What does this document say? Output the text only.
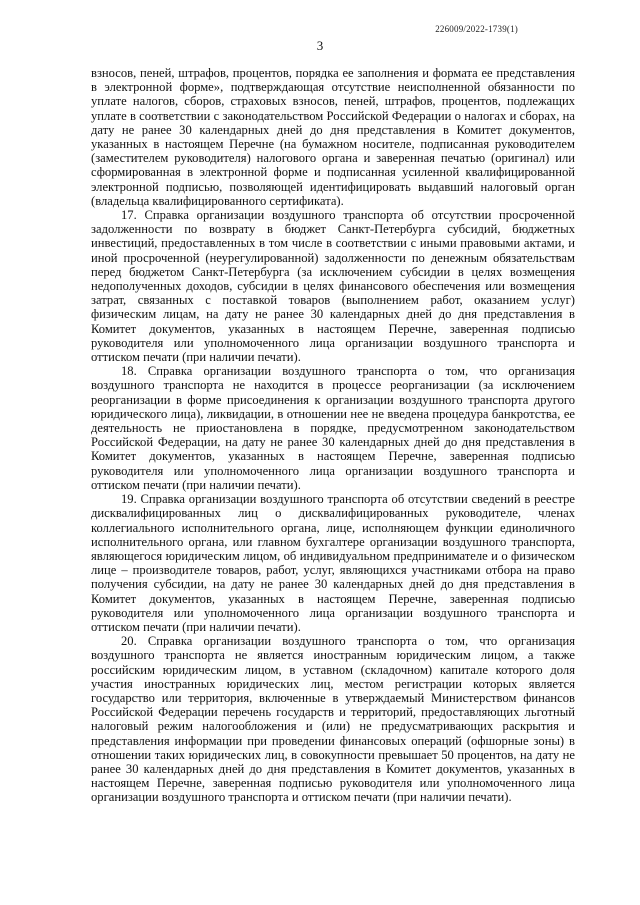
226009/2022-1739(1)
3

взносов, пеней, штрафов, процентов, порядка ее заполнения и формата ее представления в электронной форме», подтверждающая отсутствие неисполненной обязанности по уплате налогов, сборов, страховых взносов, пеней, штрафов, процентов, подлежащих уплате в соответствии с законодательством Российской Федерации о налогах и сборах, на дату не ранее 30 календарных дней до дня представления в Комитет документов, указанных в настоящем Перечне (на бумажном носителе, подписанная руководителем (заместителем руководителя) налогового органа и заверенная печатью (оригинал) или сформированная в электронной форме и подписанная усиленной квалифицированной электронной подписью, позволяющей идентифицировать выдавший налоговый орган (владельца квалифицированного сертификата).

17. Справка организации воздушного транспорта об отсутствии просроченной задолженности по возврату в бюджет Санкт-Петербурга субсидий, бюджетных инвестиций, предоставленных в том числе в соответствии с иными правовыми актами, и иной просроченной (неурегулированной) задолженности по денежным обязательствам перед бюджетом Санкт-Петербурга (за исключением субсидии в целях возмещения недополученных доходов, субсидии в целях финансового обеспечения или возмещения затрат, связанных с поставкой товаров (выполнением работ, оказанием услуг) физическим лицам, на дату не ранее 30 календарных дней до дня представления в Комитет документов, указанных в настоящем Перечне, заверенная подписью руководителя или уполномоченного лица организации воздушного транспорта и оттиском печати (при наличии печати).

18. Справка организации воздушного транспорта о том, что организация воздушного транспорта не находится в процессе реорганизации (за исключением реорганизации в форме присоединения к организации воздушного транспорта другого юридического лица), ликвидации, в отношении нее не введена процедура банкротства, ее деятельность не приостановлена в порядке, предусмотренном законодательством Российской Федерации, на дату не ранее 30 календарных дней до дня представления в Комитет документов, указанных в настоящем Перечне, заверенная подписью руководителя или уполномоченного лица организации воздушного транспорта и оттиском печати (при наличии печати).

19. Справка организации воздушного транспорта об отсутствии сведений в реестре дисквалифицированных лиц о дисквалифицированных руководителе, членах коллегиального исполнительного органа, лице, исполняющем функции единоличного исполнительного органа, или главном бухгалтере организации воздушного транспорта, являющегося юридическим лицом, об индивидуальном предпринимателе и о физическом лице – производителе товаров, работ, услуг, являющихся участниками отбора на право получения субсидии, на дату не ранее 30 календарных дней до дня представления в Комитет документов, указанных в настоящем Перечне, заверенная подписью руководителя или уполномоченного лица организации воздушного транспорта и оттиском печати (при наличии печати).

20. Справка организации воздушного транспорта о том, что организация воздушного транспорта не является иностранным юридическим лицом, а также российским юридическим лицом, в уставном (складочном) капитале которого доля участия иностранных юридических лиц, местом регистрации которых является государство или территория, включенные в утверждаемый Министерством финансов Российской Федерации перечень государств и территорий, предоставляющих льготный налоговый режим налогообложения и (или) не предусматривающих раскрытия и представления информации при проведении финансовых операций (офшорные зоны) в отношении таких юридических лиц, в совокупности превышает 50 процентов, на дату не ранее 30 календарных дней до дня представления в Комитет документов, указанных в настоящем Перечне, заверенная подписью руководителя или уполномоченного лица организации воздушного транспорта и оттиском печати (при наличии печати).
